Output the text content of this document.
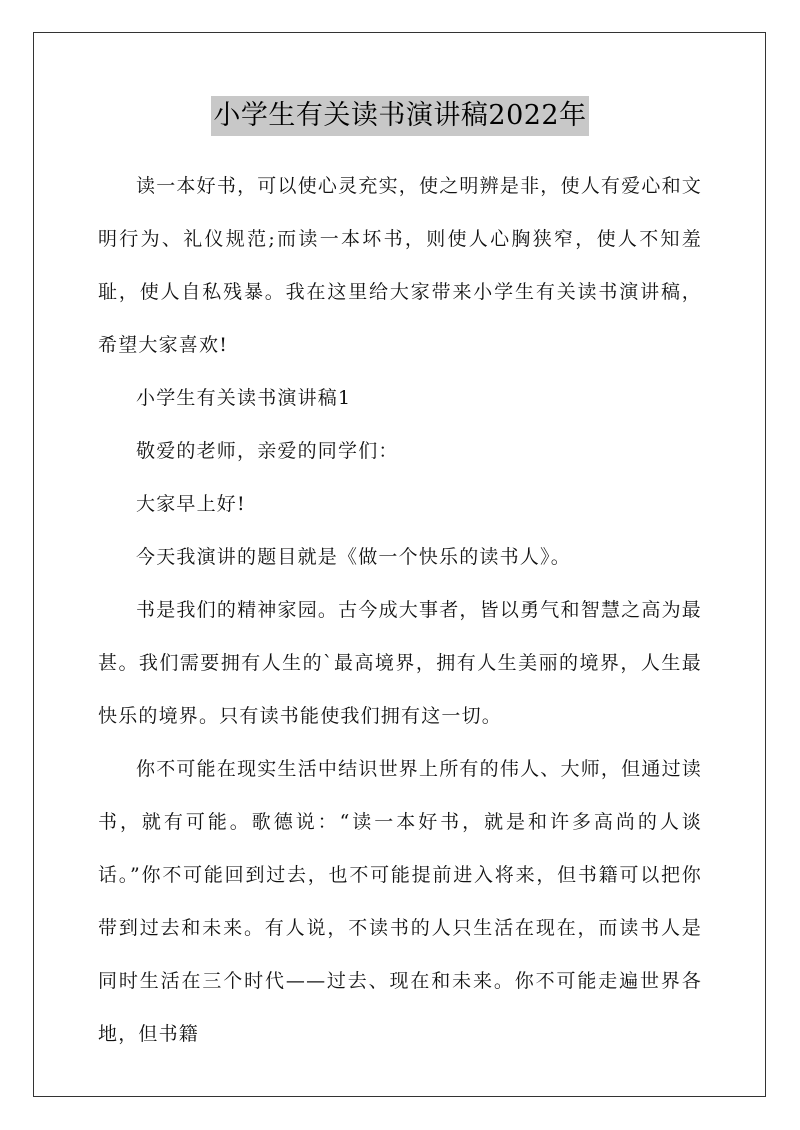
小学生有关读书演讲稿2022年

读一本好书，可以使心灵充实，使之明辨是非，使人有爱心和文明行为、礼仪规范;而读一本坏书，则使人心胸狭窄，使人不知羞耻，使人自私残暴。我在这里给大家带来小学生有关读书演讲稿，希望大家喜欢!

小学生有关读书演讲稿1

敬爱的老师，亲爱的同学们：

大家早上好!

今天我演讲的题目就是《做一个快乐的读书人》。

书是我们的精神家园。古今成大事者，皆以勇气和智慧之高为最甚。我们需要拥有人生的`最高境界，拥有人生美丽的境界，人生最快乐的境界。只有读书能使我们拥有这一切。

你不可能在现实生活中结识世界上所有的伟人、大师，但通过读书，就有可能。歌德说：“读一本好书，就是和许多高尚的人谈话。”你不可能回到过去，也不可能提前进入将来，但书籍可以把你带到过去和未来。有人说，不读书的人只生活在现在，而读书人是同时生活在三个时代——过去、现在和未来。你不可能走遍世界各地，但书籍
